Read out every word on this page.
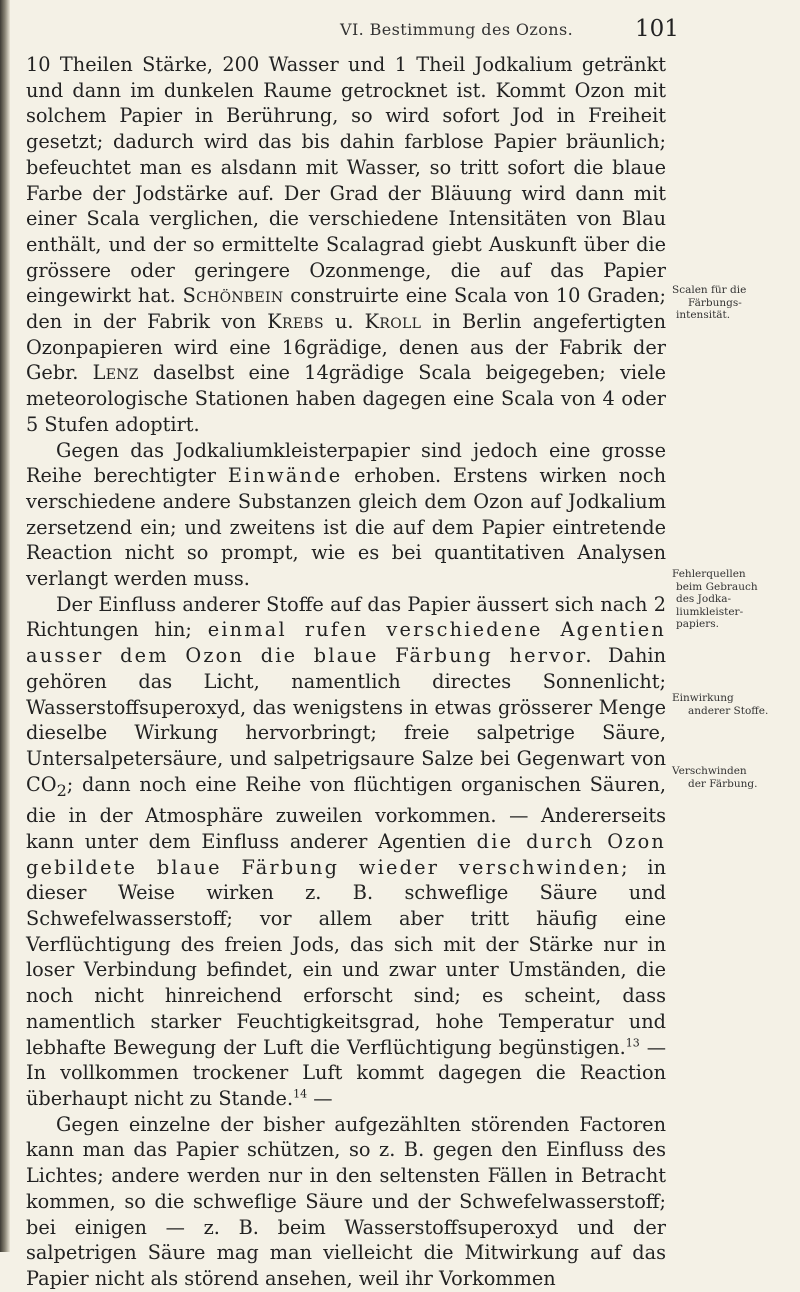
VI. Bestimmung des Ozons.	101

10 Theilen Stärke, 200 Wasser und 1 Theil Jodkalium getränkt und dann im dunkelen Raume getrocknet ist. Kommt Ozon mit solchem Papier in Berührung, so wird sofort Jod in Freiheit gesetzt; dadurch wird das bis dahin farblose Papier bräunlich; befeuchtet man es alsdann mit Wasser, so tritt sofort die blaue Farbe der Jodstärke auf. Der Grad der Bläuung wird dann mit einer Scala verglichen, die verschiedene Intensitäten von Blau enthält, und der so ermittelte Scalagrad giebt Auskunft über die grössere oder geringere Ozonmenge, die auf das Papier eingewirkt hat. Schönbein construirte eine Scala von 10 Graden; den in der Fabrik von Krebs u. Kroll in Berlin angefertigten Ozonpapieren wird eine 16grädige, denen aus der Fabrik der Gebr. Lenz daselbst eine 14grädige Scala beigegeben; viele meteorologische Stationen haben dagegen eine Scala von 4 oder 5 Stufen adoptirt.

Gegen das Jodkaliumkleisterpapier sind jedoch eine grosse Reihe berechtigter Einwände erhoben. Erstens wirken noch verschiedene andere Substanzen gleich dem Ozon auf Jodkalium zersetzend ein; und zweitens ist die auf dem Papier eintretende Reaction nicht so prompt, wie es bei quantitativen Analysen verlangt werden muss.

Der Einfluss anderer Stoffe auf das Papier äussert sich nach 2 Richtungen hin; einmal rufen verschiedene Agentien ausser dem Ozon die blaue Färbung hervor. Dahin gehören das Licht, namentlich directes Sonnenlicht; Wasserstoffsuperoxyd, das wenigstens in etwas grösserer Menge dieselbe Wirkung hervorbringt; freie salpetrige Säure, Untersalpetersäure, und salpetrigsaure Salze bei Gegenwart von $CO_2$; dann noch eine Reihe von flüchtigen organischen Säuren, die in der Atmosphäre zuweilen vorkommen. — Andererseits kann unter dem Einfluss anderer Agentien die durch Ozon gebildete blaue Färbung wieder verschwinden; in dieser Weise wirken z. B. schweflige Säure und Schwefelwasserstoff; vor allem aber tritt häufig eine Verflüchtigung des freien Jods, das sich mit der Stärke nur in loser Verbindung befindet, ein und zwar unter Umständen, die noch nicht hinreichend erforscht sind; es scheint, dass namentlich starker Feuchtigkeitsgrad, hohe Temperatur und lebhafte Bewegung der Luft die Verflüchtigung begünstigen.$^{13}$ — In vollkommen trockener Luft kommt dagegen die Reaction überhaupt nicht zu Stande.$^{14}$ —

Gegen einzelne der bisher aufgezählten störenden Factoren kann man das Papier schützen, so z. B. gegen den Einfluss des Lichtes; andere werden nur in den seltensten Fällen in Betracht kommen, so die schweflige Säure und der Schwefelwasserstoff; bei einigen — z. B. beim Wasserstoffsuperoxyd und der salpetrigen Säure mag man vielleicht die Mitwirkung auf das Papier nicht als störend ansehen, weil ihr Vorkommen

Scalen für die
Färbungs-
intensität.
Fehlerquellen
beim Gebrauch
des Jodka-
liumkleister-
papiers.
Einwirkung
anderer Stoffe.
Verschwinden
der Färbung.
